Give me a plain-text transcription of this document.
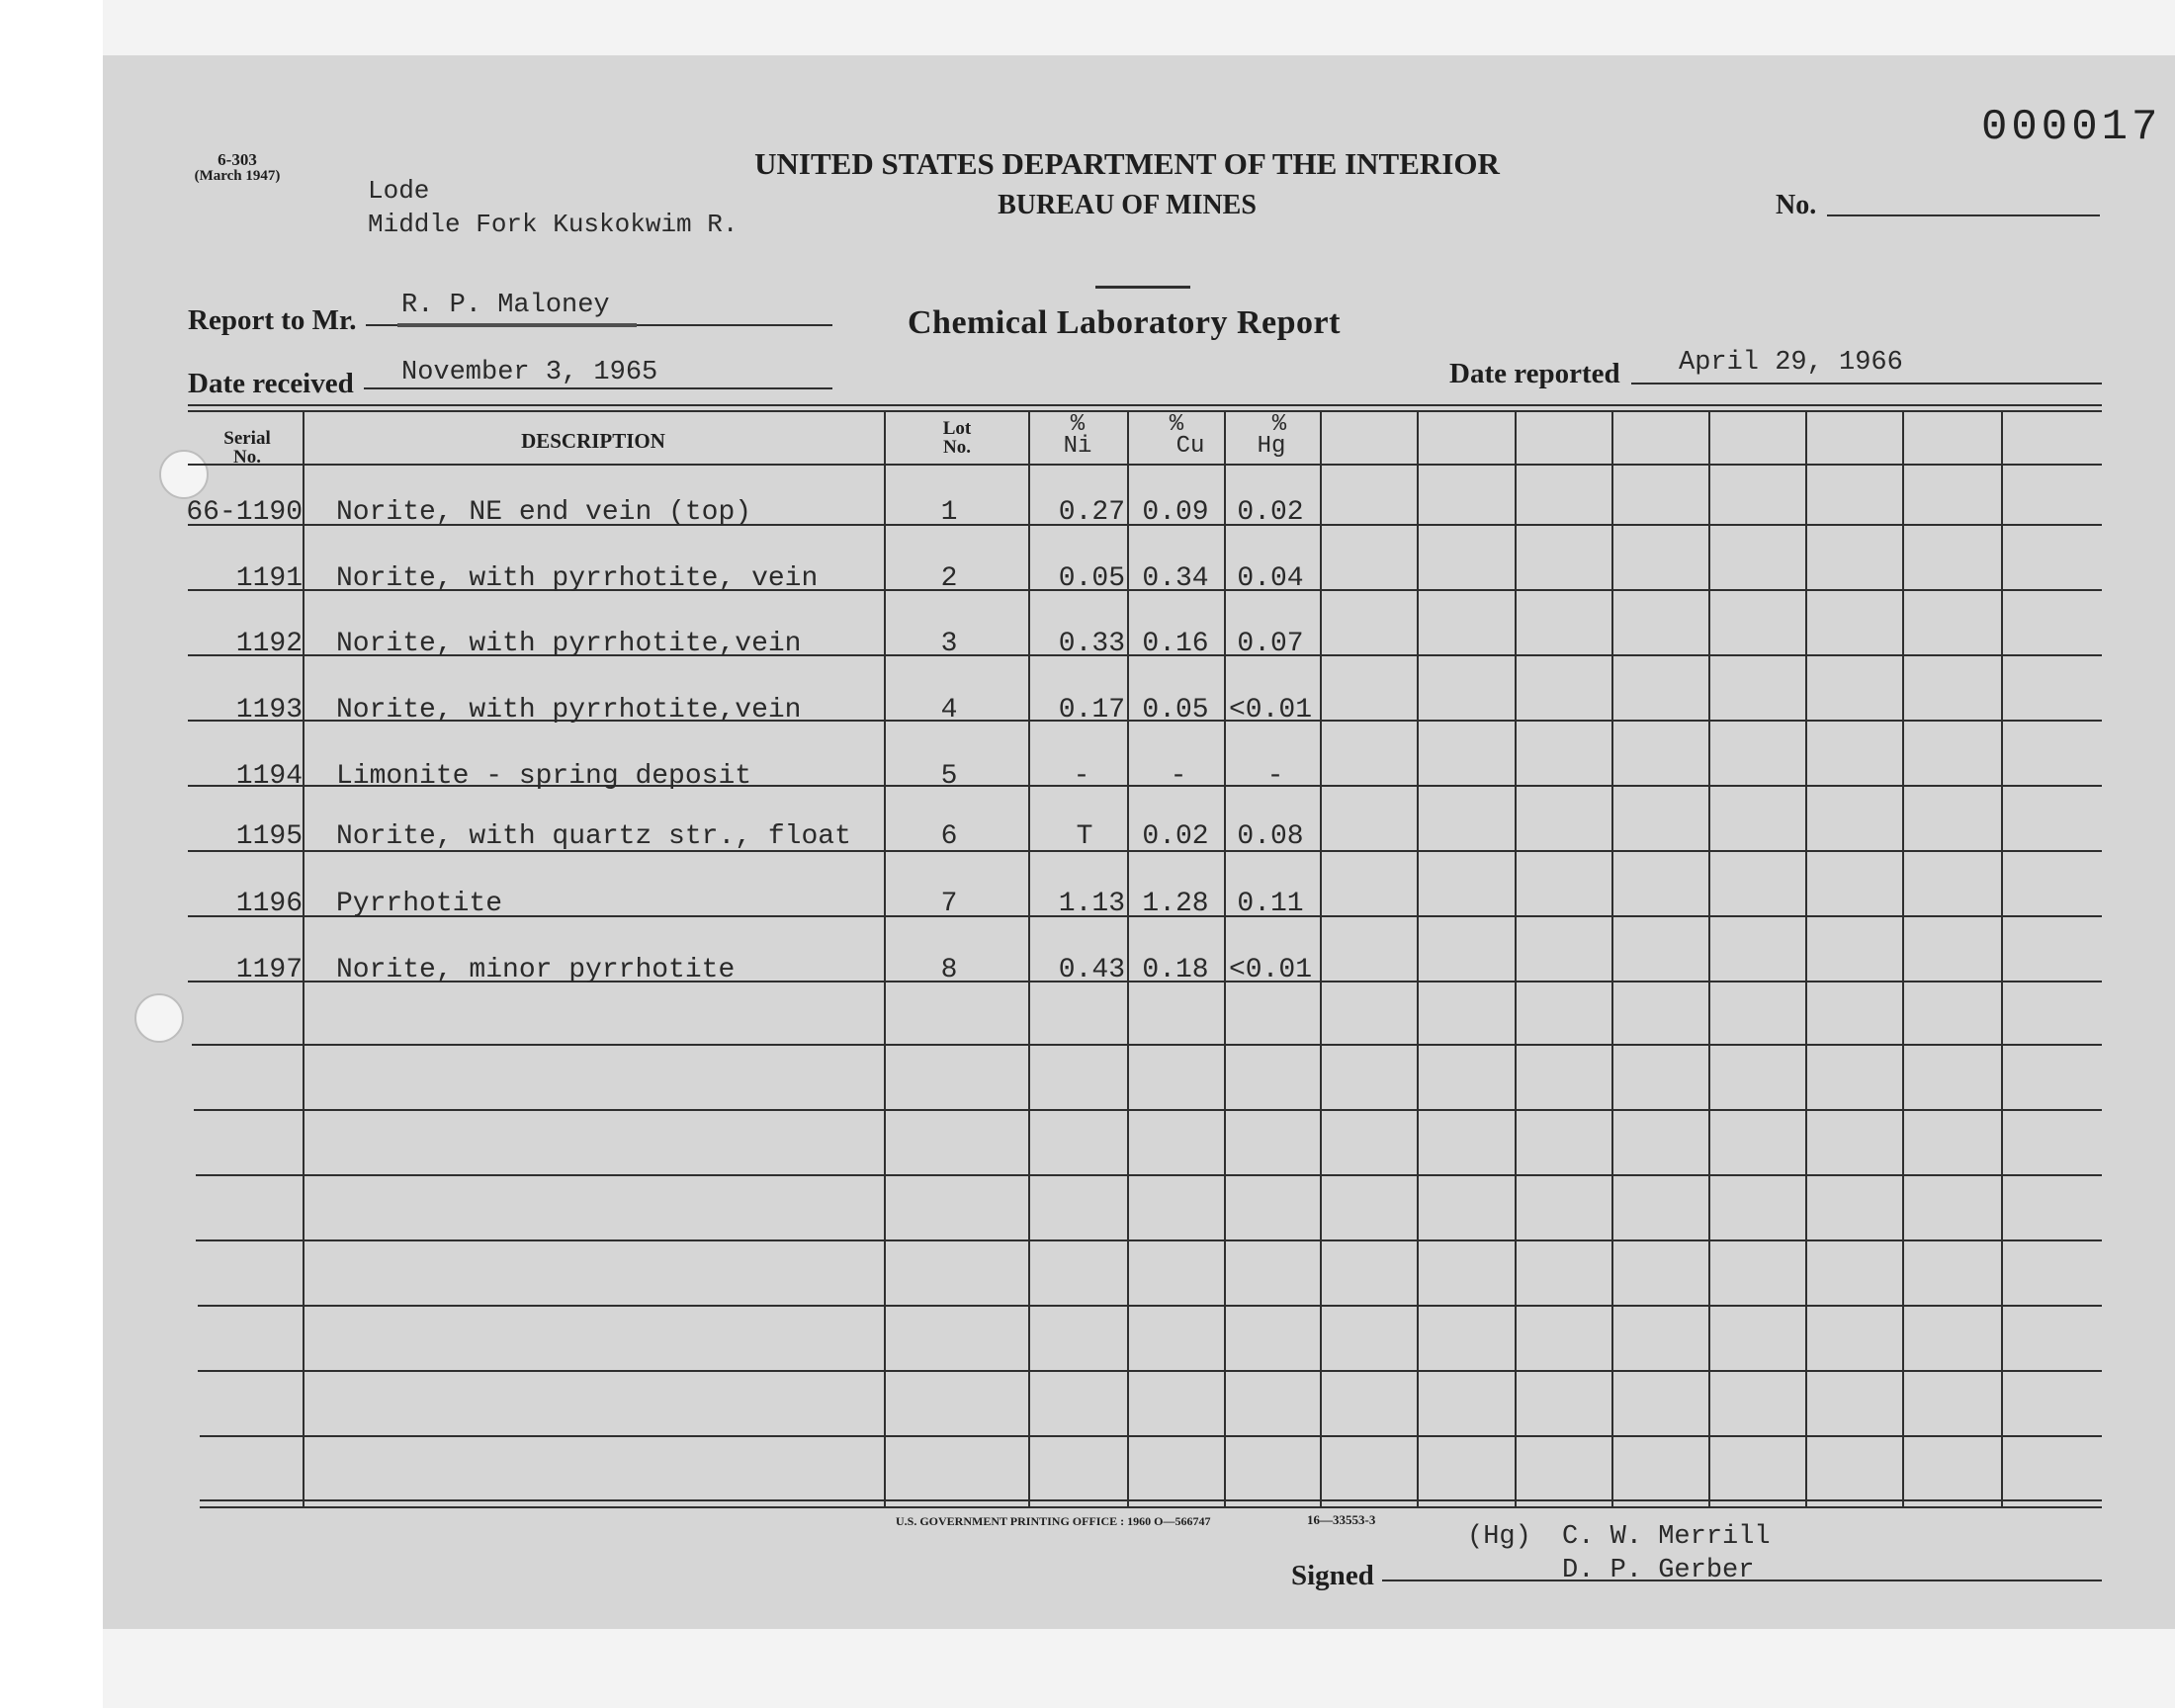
6-303
(March 1947)	Lode
Middle Fork Kuskokwim R.
UNITED STATES DEPARTMENT OF THE INTERIOR
BUREAU OF MINES
000017
No.
Report to Mr. R. P. Maloney	Chemical Laboratory Report
Date received November 3, 1965	Date reported April 29, 1966
Serial
No.
DESCRIPTION
Lot
No.
%
Ni
%
Cu
%
Hg
66-1190 Norite, NE end vein (top)	1	0.27 0.09	0.02
1191 Norite, with pyrrhotite, vein	2	0.05 0.34	0.04
1192 Norite, with pyrrhotite,vein	3	0.33 0.16	0.07
1193 Norite, with pyrrhotite,vein	4	0.17 0.05 <0.01
1194 Limonite - spring deposit	5	-	-	-
1195 Norite, with quartz str., float	6	T	0.02	0.08
1196 Pyrrhotite	7	1.13 1.28	0.11
1197 Norite, minor pyrrhotite	8	0.43 0.18 <0.01
U.S. GOVERNMENT PRINTING OFFICE : 1960 O—566747	16—33553-3
Signed
(Hg) C. W. Merrill
D. P. Gerber
